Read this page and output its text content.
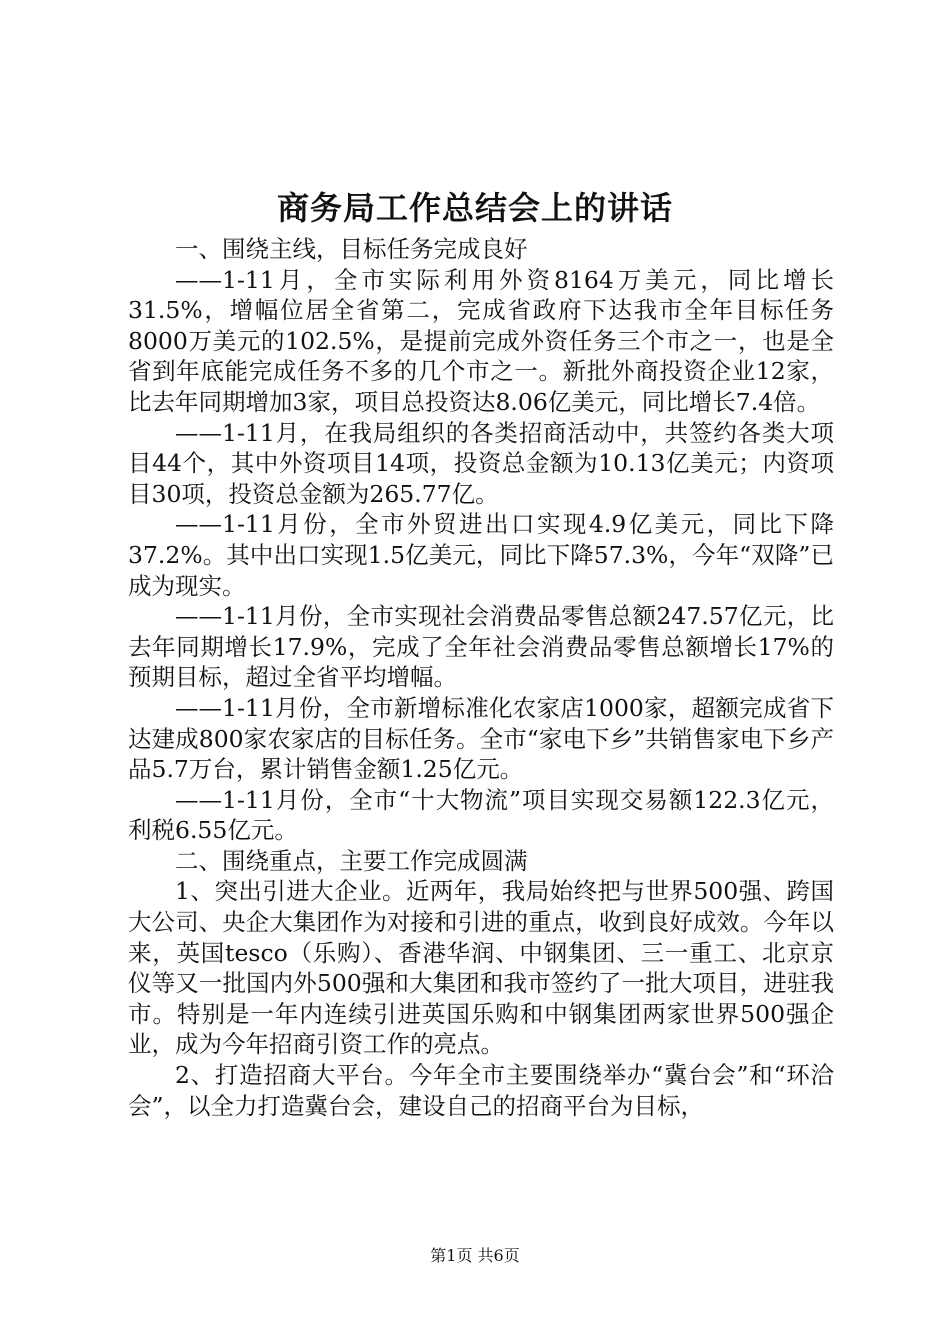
商务局工作总结会上的讲话

一、围绕主线，目标任务完成良好

——1-11月，全市实际利用外资8164万美元，同比增长31.5%，增幅位居全省第二，完成省政府下达我市全年目标任务8000万美元的102.5%，是提前完成外资任务三个市之一，也是全省到年底能完成任务不多的几个市之一。新批外商投资企业12家，比去年同期增加3家，项目总投资达8.06亿美元，同比增长7.4倍。

——1-11月，在我局组织的各类招商活动中，共签约各类大项目44个，其中外资项目14项，投资总金额为10.13亿美元；内资项目30项，投资总金额为265.77亿。

——1-11月份，全市外贸进出口实现4.9亿美元，同比下降37.2%。其中出口实现1.5亿美元，同比下降57.3%，今年“双降”已成为现实。

——1-11月份，全市实现社会消费品零售总额247.57亿元，比去年同期增长17.9%，完成了全年社会消费品零售总额增长17%的预期目标，超过全省平均增幅。

——1-11月份，全市新增标准化农家店1000家，超额完成省下达建成800家农家店的目标任务。全市“家电下乡”共销售家电下乡产品5.7万台，累计销售金额1.25亿元。

——1-11月份，全市“十大物流”项目实现交易额122.3亿元，利税6.55亿元。

二、围绕重点，主要工作完成圆满

1、突出引进大企业。近两年，我局始终把与世界500强、跨国大公司、央企大集团作为对接和引进的重点，收到良好成效。今年以来，英国tesco（乐购）、香港华润、中钢集团、三一重工、北京京仪等又一批国内外500强和大集团和我市签约了一批大项目，进驻我市。特别是一年内连续引进英国乐购和中钢集团两家世界500强企业，成为今年招商引资工作的亮点。

2、打造招商大平台。今年全市主要围绕举办“冀台会”和“环洽会”，以全力打造冀台会，建设自己的招商平台为目标，

第1页 共6页
